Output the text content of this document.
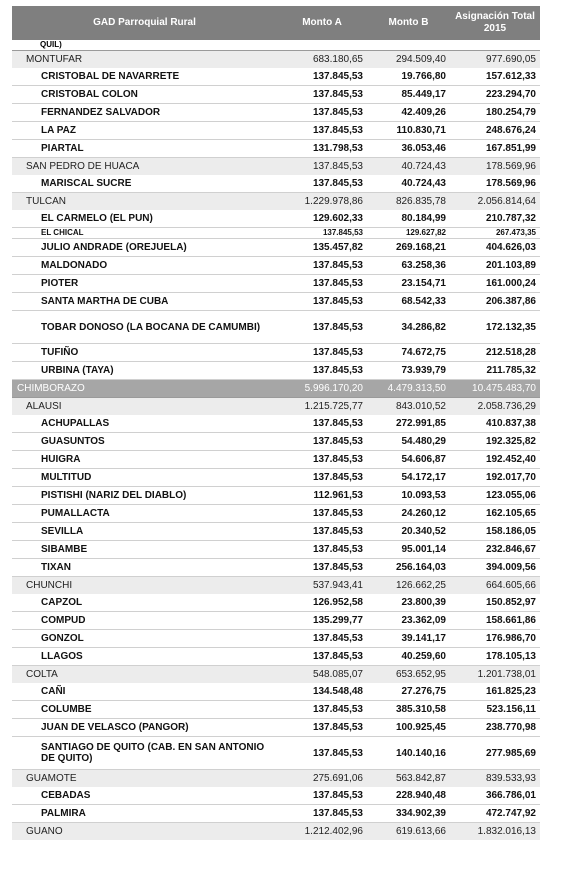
GAD Parroquial Rural	Monto A	Monto B	Asignación Total 2015
QUIL)			
MONTUFAR	683.180,65	294.509,40	977.690,05
CRISTOBAL DE NAVARRETE	137.845,53	19.766,80	157.612,33
CRISTOBAL COLON	137.845,53	85.449,17	223.294,70
FERNANDEZ SALVADOR	137.845,53	42.409,26	180.254,79
LA PAZ	137.845,53	110.830,71	248.676,24
PIARTAL	131.798,53	36.053,46	167.851,99
SAN PEDRO DE HUACA	137.845,53	40.724,43	178.569,96
MARISCAL SUCRE	137.845,53	40.724,43	178.569,96
TULCAN	1.229.978,86	826.835,78	2.056.814,64
EL CARMELO (EL PUN)	129.602,33	80.184,99	210.787,32
EL CHICAL	137.845,53	129.627,82	267.473,35
JULIO ANDRADE (OREJUELA)	135.457,82	269.168,21	404.626,03
MALDONADO	137.845,53	63.258,36	201.103,89
PIOTER	137.845,53	23.154,71	161.000,24
SANTA MARTHA DE CUBA	137.845,53	68.542,33	206.387,86
TOBAR DONOSO (LA BOCANA DE CAMUMBI)	137.845,53	34.286,82	172.132,35
TUFIÑO	137.845,53	74.672,75	212.518,28
URBINA (TAYA)	137.845,53	73.939,79	211.785,32
CHIMBORAZO	5.996.170,20	4.479.313,50	10.475.483,70
ALAUSI	1.215.725,77	843.010,52	2.058.736,29
ACHUPALLAS	137.845,53	272.991,85	410.837,38
GUASUNTOS	137.845,53	54.480,29	192.325,82
HUIGRA	137.845,53	54.606,87	192.452,40
MULTITUD	137.845,53	54.172,17	192.017,70
PISTISHI (NARIZ DEL DIABLO)	112.961,53	10.093,53	123.055,06
PUMALLACTA	137.845,53	24.260,12	162.105,65
SEVILLA	137.845,53	20.340,52	158.186,05
SIBAMBE	137.845,53	95.001,14	232.846,67
TIXAN	137.845,53	256.164,03	394.009,56
CHUNCHI	537.943,41	126.662,25	664.605,66
CAPZOL	126.952,58	23.800,39	150.852,97
COMPUD	135.299,77	23.362,09	158.661,86
GONZOL	137.845,53	39.141,17	176.986,70
LLAGOS	137.845,53	40.259,60	178.105,13
COLTA	548.085,07	653.652,95	1.201.738,01
CAÑI	134.548,48	27.276,75	161.825,23
COLUMBE	137.845,53	385.310,58	523.156,11
JUAN DE VELASCO (PANGOR)	137.845,53	100.925,45	238.770,98
SANTIAGO DE QUITO (CAB. EN SAN ANTONIO DE QUITO)	137.845,53	140.140,16	277.985,69
GUAMOTE	275.691,06	563.842,87	839.533,93
CEBADAS	137.845,53	228.940,48	366.786,01
PALMIRA	137.845,53	334.902,39	472.747,92
GUANO	1.212.402,96	619.613,66	1.832.016,13
